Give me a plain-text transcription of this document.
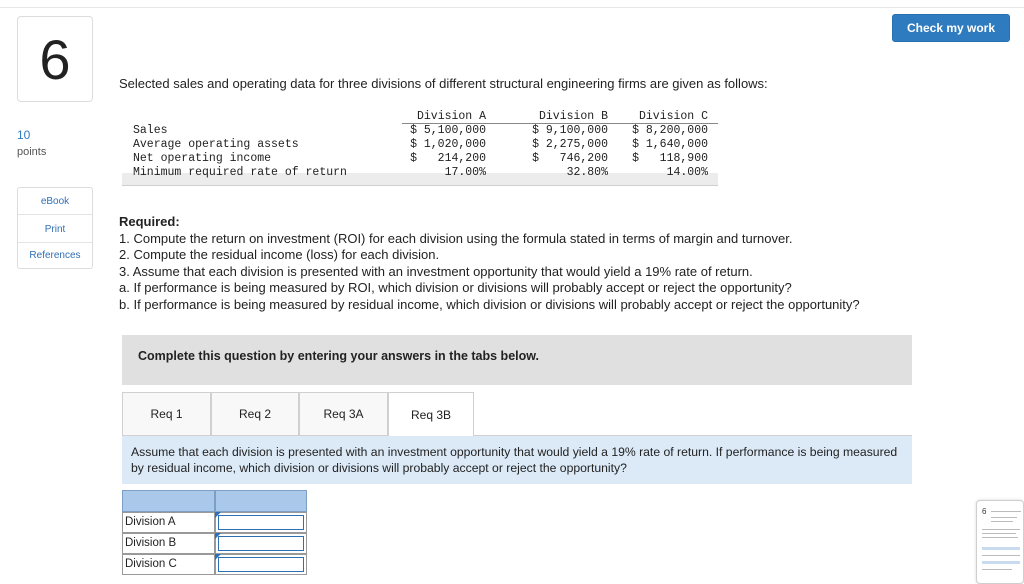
Check my work
6
10
points
eBook
Print
References
Selected sales and operating data for three divisions of different structural engineering firms are given as follows:
Division A	Division B	Division C
Sales	$ 5,100,000	$ 9,100,000	$ 8,200,000
Average operating assets	$ 1,020,000	$ 2,275,000	$ 1,640,000
Net operating income	$   214,200	$   746,200	$   118,900
Minimum required rate of return	17.00%	32.80%	14.00%
Required:
1. Compute the return on investment (ROI) for each division using the formula stated in terms of margin and turnover.
2. Compute the residual income (loss) for each division.
3. Assume that each division is presented with an investment opportunity that would yield a 19% rate of return.
a. If performance is being measured by ROI, which division or divisions will probably accept or reject the opportunity?
b. If performance is being measured by residual income, which division or divisions will probably accept or reject the opportunity?
Complete this question by entering your answers in the tabs below.
Req 1	Req 2	Req 3A	Req 3B
Assume that each division is presented with an investment opportunity that would yield a 19% rate of return. If performance is being measured by residual income, which division or divisions will probably accept or reject the opportunity?
Division A
Division B
Division C
6
